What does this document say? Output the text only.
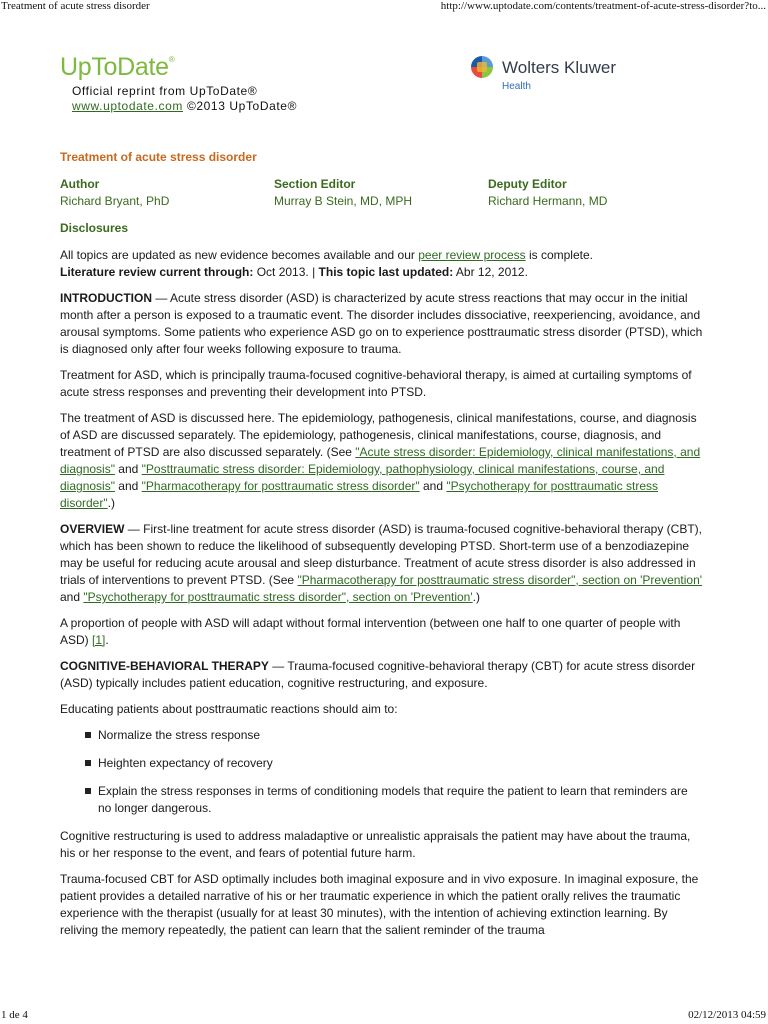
Treatment of acute stress disorder	http://www.uptodate.com/contents/treatment-of-acute-stress-disorder?to...
UpToDate®
Official reprint from UpToDate®
www.uptodate.com ©2013 UpToDate®
Wolters Kluwer
Health
Treatment of acute stress disorder
Author
Richard Bryant, PhD
Section Editor
Murray B Stein, MD, MPH
Deputy Editor
Richard Hermann, MD
Disclosures
All topics are updated as new evidence becomes available and our peer review process is complete.
Literature review current through: Oct 2013. | This topic last updated: Abr 12, 2012.

INTRODUCTION — Acute stress disorder (ASD) is characterized by acute stress reactions that may occur in the initial month after a person is exposed to a traumatic event. The disorder includes dissociative, reexperiencing, avoidance, and arousal symptoms. Some patients who experience ASD go on to experience posttraumatic stress disorder (PTSD), which is diagnosed only after four weeks following exposure to trauma.

Treatment for ASD, which is principally trauma-focused cognitive-behavioral therapy, is aimed at curtailing symptoms of acute stress responses and preventing their development into PTSD.

The treatment of ASD is discussed here. The epidemiology, pathogenesis, clinical manifestations, course, and diagnosis of ASD are discussed separately. The epidemiology, pathogenesis, clinical manifestations, course, diagnosis, and treatment of PTSD are also discussed separately. (See "Acute stress disorder: Epidemiology, clinical manifestations, and diagnosis" and "Posttraumatic stress disorder: Epidemiology, pathophysiology, clinical manifestations, course, and diagnosis" and "Pharmacotherapy for posttraumatic stress disorder" and "Psychotherapy for posttraumatic stress disorder".)

OVERVIEW — First-line treatment for acute stress disorder (ASD) is trauma-focused cognitive-behavioral therapy (CBT), which has been shown to reduce the likelihood of subsequently developing PTSD. Short-term use of a benzodiazepine may be useful for reducing acute arousal and sleep disturbance. Treatment of acute stress disorder is also addressed in trials of interventions to prevent PTSD. (See "Pharmacotherapy for posttraumatic stress disorder", section on 'Prevention' and "Psychotherapy for posttraumatic stress disorder", section on 'Prevention'.)

A proportion of people with ASD will adapt without formal intervention (between one half to one quarter of people with ASD) [1].

COGNITIVE-BEHAVIORAL THERAPY — Trauma-focused cognitive-behavioral therapy (CBT) for acute stress disorder (ASD) typically includes patient education, cognitive restructuring, and exposure.

Educating patients about posttraumatic reactions should aim to:

Normalize the stress response
Heighten expectancy of recovery
Explain the stress responses in terms of conditioning models that require the patient to learn that reminders are no longer dangerous.

Cognitive restructuring is used to address maladaptive or unrealistic appraisals the patient may have about the trauma, his or her response to the event, and fears of potential future harm.

Trauma-focused CBT for ASD optimally includes both imaginal exposure and in vivo exposure. In imaginal exposure, the patient provides a detailed narrative of his or her traumatic experience in which the patient orally relives the traumatic experience with the therapist (usually for at least 30 minutes), with the intention of achieving extinction learning. By reliving the memory repeatedly, the patient can learn that the salient reminder of the trauma

1 de 4	02/12/2013 04:59
